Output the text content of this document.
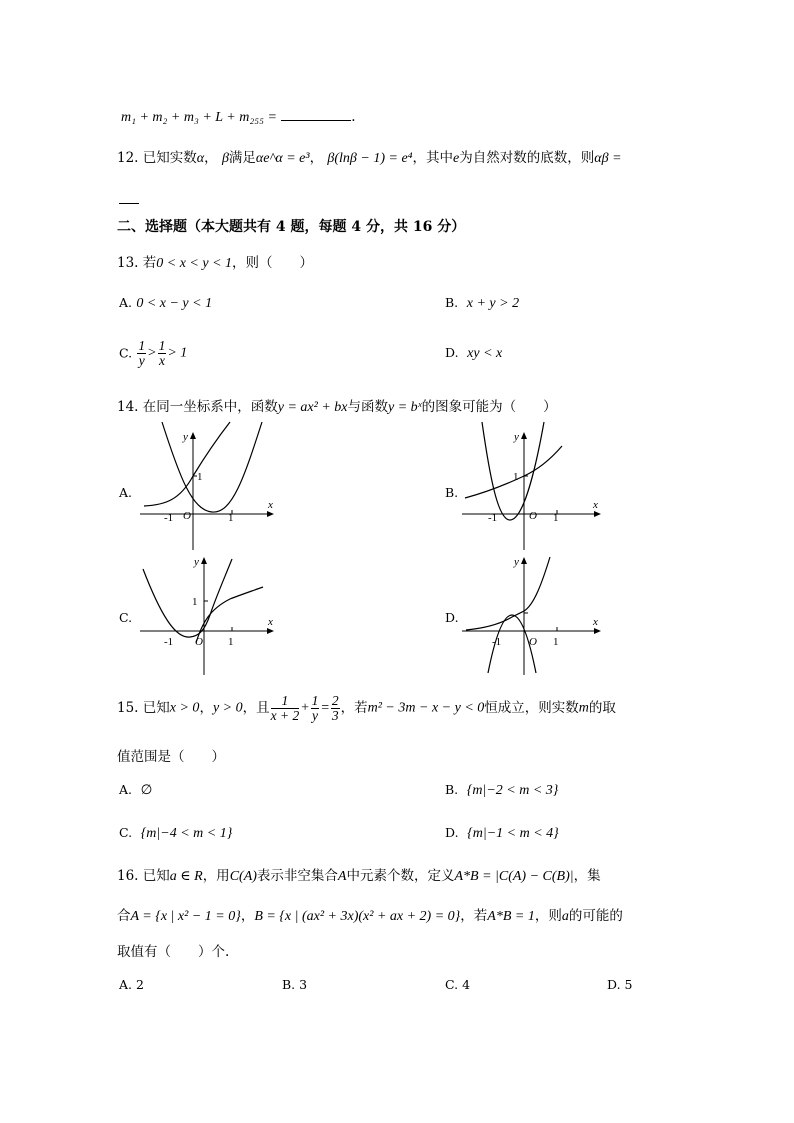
m₁ + m₂ + m₃ + L + m₂₅₅ =	.
12. 已知实数α， β满足αe^α = e³， β(lnβ − 1) = e⁴，其中e为自然对数的底数，则αβ =
二、选择题（本大题共有 4 题，每题 4 分，共 16 分）
13. 若0 < x < y < 1，则（　　）
A. 0 < x − y < 1	B. x + y > 2
C. $\frac{1}{y} > \frac{1}{x} > 1$	D. xy < x
14. 在同一坐标系中，函数y = ax² + bx与函数y = bˣ的图象可能为（　　）
A.	B.
C.	D.
x
y
O
-1	1
1
x
y
O
-1	1
1
x
y
O
-1	1
1
x
y
O
-1	1
15. 已知x > 0，y > 0，且 $\frac{1}{x + 2} + \frac{1}{y} = \frac{2}{3}$ ，若m² − 3m − x − y < 0恒成立，则实数m的取
值范围是（　　）
A. ∅	B. {m|−2 < m < 3}
C. {m|−4 < m < 1}	D. {m|−1 < m < 4}
16. 已知a ∈ R，用C(A)表示非空集合A中元素个数，定义A*B = |C(A) − C(B)|，集
合A = {x | x² − 1 = 0}，B = {x | (ax² + 3x)(x² + ax + 2) = 0}，若A*B = 1，则a的可能的
取值有（　　）个.
A. 2	B. 3	C. 4	D. 5
